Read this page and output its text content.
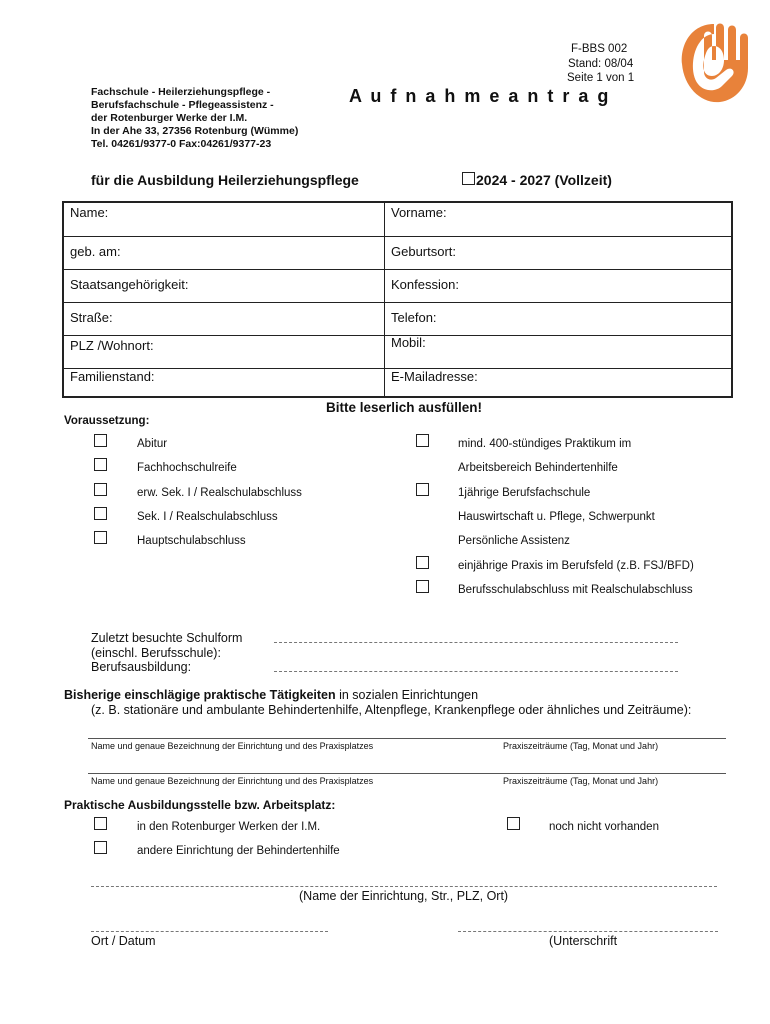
F-BBS 002
Stand: 08/04
Seite 1 von 1
Fachschule - Heilerziehungspflege -
Berufsfachschule - Pflegeassistenz -
der Rotenburger Werke der I.M.
In der Ahe 33, 27356 Rotenburg (Wümme)
Tel. 04261/9377-0 Fax:04261/9377-23
A u f n a h m e a n t r a g
für die Ausbildung Heilerziehungspflege	2024 - 2027 (Vollzeit)
Name:	Vorname:
geb. am:	Geburtsort:
Staatsangehörigkeit:	Konfession:
Straße:	Telefon:
PLZ /Wohnort:	Mobil:
Familienstand:	E-Mailadresse:
Bitte leserlich ausfüllen!
Voraussetzung:
Abitur
Fachhochschulreife
erw. Sek. I / Realschulabschluss
Sek. I / Realschulabschluss
Hauptschulabschluss
mind. 400-stündiges Praktikum im
Arbeitsbereich Behindertenhilfe
1jährige Berufsfachschule
Hauswirtschaft u. Pflege, Schwerpunkt
Persönliche Assistenz
einjährige Praxis im Berufsfeld (z.B. FSJ/BFD)
Berufsschulabschluss mit Realschulabschluss
Zuletzt besuchte Schulform
(einschl. Berufsschule):
Berufsausbildung:
Bisherige einschlägige praktische Tätigkeiten in sozialen Einrichtungen
(z. B. stationäre und ambulante Behindertenhilfe, Altenpflege, Krankenpflege oder ähnliches und Zeiträume):
Name und genaue Bezeichnung der Einrichtung und des Praxisplatzes	Praxiszeiträume (Tag, Monat und Jahr)
Name und genaue Bezeichnung der Einrichtung und des Praxisplatzes	Praxiszeiträume (Tag, Monat und Jahr)
Praktische Ausbildungsstelle bzw. Arbeitsplatz:
in den Rotenburger Werken der I.M.	noch nicht vorhanden
andere Einrichtung der Behindertenhilfe
(Name der Einrichtung, Str., PLZ, Ort)
Ort / Datum	(Unterschrift
